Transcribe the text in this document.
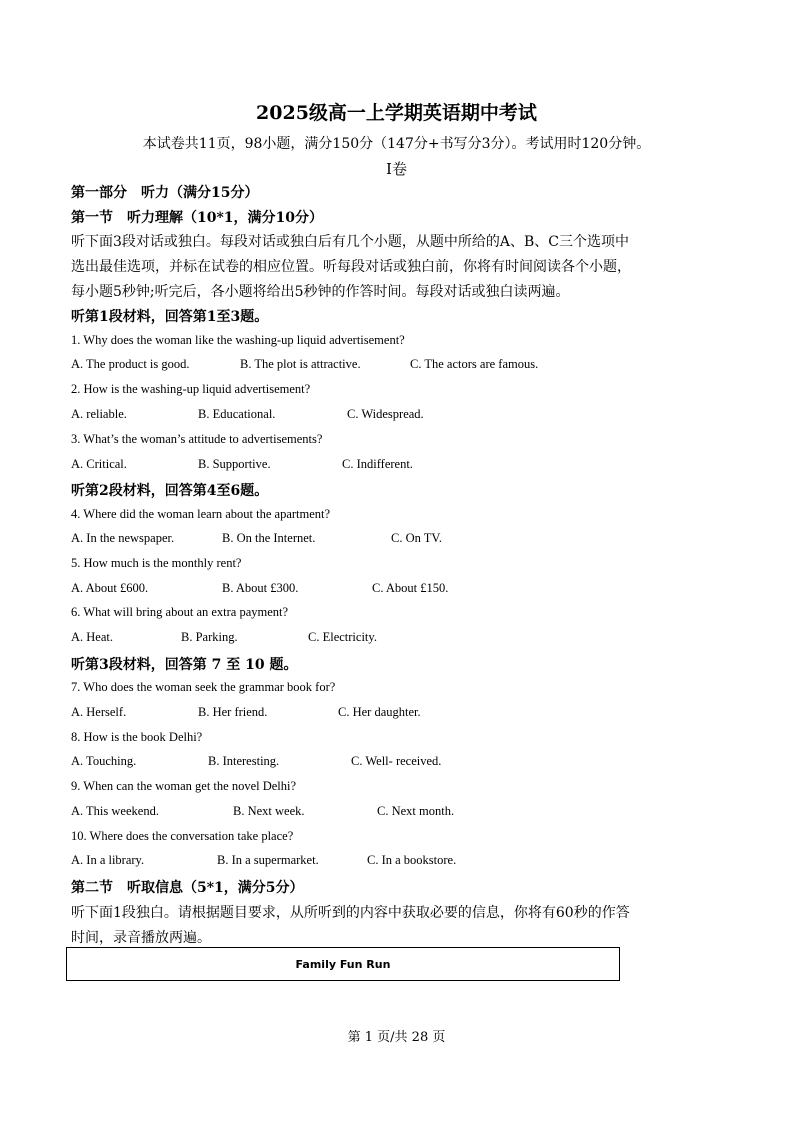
2025级高一上学期英语期中考试
本试卷共11页，98小题，满分150分（147分+书写分3分）。考试用时120分钟。
I卷
第一部分　听力（满分15分）
第一节　听力理解（10*1，满分10分）
听下面3段对话或独白。每段对话或独白后有几个小题，从题中所给的A、B、C三个选项中
选出最佳选项，并标在试卷的相应位置。听每段对话或独白前，你将有时间阅读各个小题，
每小题5秒钟;听完后，各小题将给出5秒钟的作答时间。每段对话或独白读两遍。
听第1段材料，回答第1至3题。
1. Why does the woman like the washing-up liquid advertisement?
A. The product is good.	B. The plot is attractive.	C. The actors are famous.
2. How is the washing-up liquid advertisement?
A. reliable.	B. Educational.	C. Widespread.
3. What’s the woman’s attitude to advertisements?
A. Critical.	B. Supportive.	C. Indifferent.
听第2段材料，回答第4至6题。
4. Where did the woman learn about the apartment?
A. In the newspaper.	B. On the Internet.	C. On TV.
5. How much is the monthly rent?
A. About £600.	B. About £300.	C. About £150.
6. What will bring about an extra payment?
A. Heat.	B. Parking.	C. Electricity.
听第3段材料，回答第 7 至 10 题。
7. Who does the woman seek the grammar book for?
A. Herself.	B. Her friend.	C. Her daughter.
8. How is the book Delhi?
A. Touching.	B. Interesting.	C. Well- received.
9. When can the woman get the novel Delhi?
A. This weekend.	B. Next week.	C. Next month.
10. Where does the conversation take place?
A. In a library.	B. In a supermarket.	C. In a bookstore.
第二节　听取信息（5*1，满分5分）
听下面1段独白。请根据题目要求，从所听到的内容中获取必要的信息，你将有60秒的作答
时间，录音播放两遍。
Family Fun Run
第 1 页/共 28 页
